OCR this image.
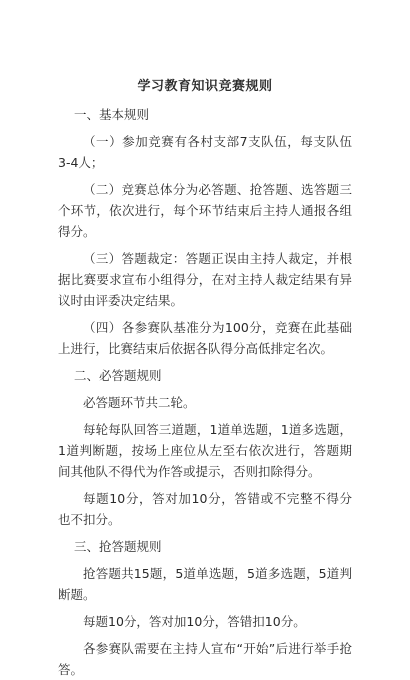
学习教育知识竞赛规则
一、基本规则

（一）参加竞赛有各村支部7支队伍，每支队伍3-4人；

（二）竞赛总体分为必答题、抢答题、选答题三个环节，依次进行，每个环节结束后主持人通报各组得分。

（三）答题裁定：答题正误由主持人裁定，并根据比赛要求宣布小组得分，在对主持人裁定结果有异议时由评委决定结果。

（四）各参赛队基准分为100分，竞赛在此基础上进行，比赛结束后依据各队得分高低排定名次。

二、必答题规则

必答题环节共二轮。

每轮每队回答三道题，1道单选题，1道多选题，1道判断题，按场上座位从左至右依次进行，答题期间其他队不得代为作答或提示，否则扣除得分。

每题10分，答对加10分，答错或不完整不得分也不扣分。

三、抢答题规则

抢答题共15题，5道单选题，5道多选题，5道判断题。

每题10分，答对加10分，答错扣10分。

各参赛队需要在主持人宣布“开始”后进行举手抢答。
